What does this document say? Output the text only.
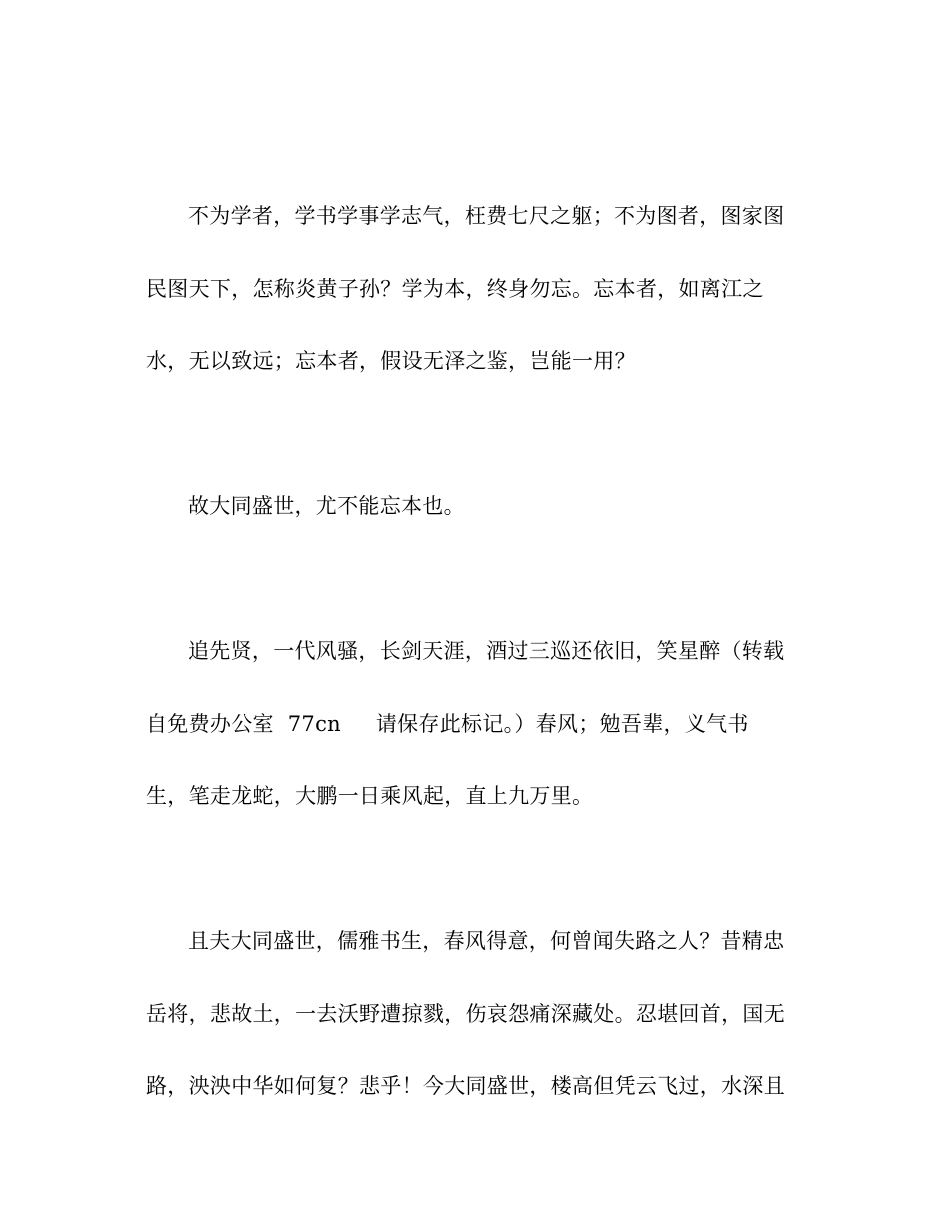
不为学者，学书学事学志气，枉费七尺之躯；不为图者，图家图
民图天下，怎称炎黄子孙？学为本，终身勿忘。忘本者，如离江之
水，无以致远；忘本者，假设无泽之鉴，岂能一用？
故大同盛世，尤不能忘本也。
追先贤，一代风骚，长剑天涯，酒过三巡还依旧，笑星醉（转载
自免费办公室  77cn     请保存此标记。）春风；勉吾辈，义气书
生，笔走龙蛇，大鹏一日乘风起，直上九万里。
且夫大同盛世，儒雅书生，春风得意，何曾闻失路之人？昔精忠
岳将，悲故土，一去沃野遭掠戮，伤哀怨痛深藏处。忍堪回首，国无
路，泱泱中华如何复？悲乎！今大同盛世，楼高但凭云飞过，水深且
